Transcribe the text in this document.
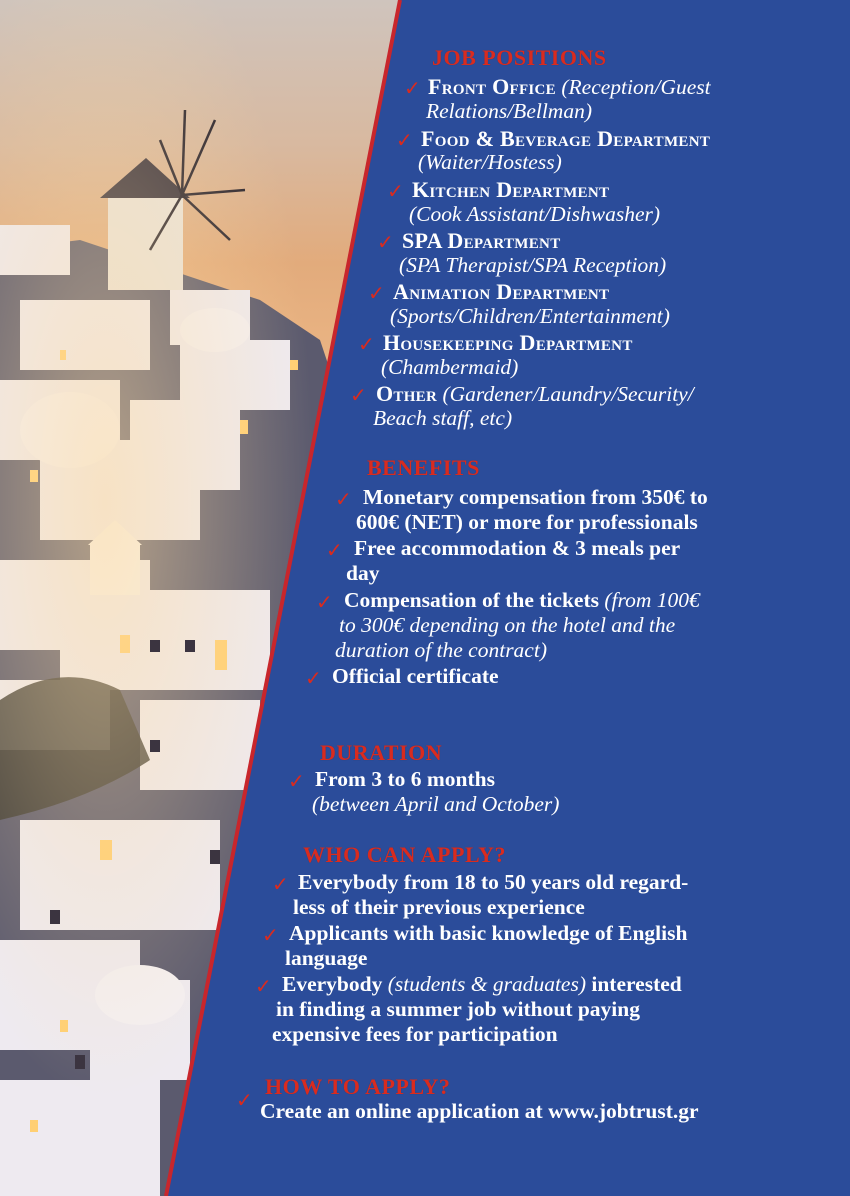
JOB POSITIONS
✓ Front Office (Reception/Guest
Relations/Bellman)
✓ Food & Beverage Department
(Waiter/Hostess)
✓ Kitchen Department
(Cook Assistant/Dishwasher)
✓ SPA Department
(SPA Therapist/SPA Reception)
✓ Animation Department
(Sports/Children/Entertainment)
✓ Housekeeping Department
(Chambermaid)
✓ Other (Gardener/Laundry/Security/
Beach staff, etc)
BENEFITS
✓ Monetary compensation from 350€ to
600€ (NET) or more for professionals
✓ Free accommodation & 3 meals per
day
✓ Compensation of the tickets (from 100€
to 300€ depending on the hotel and the
duration of the contract)
✓ Official certificate
DURATION
✓ From 3 to 6 months
(between April and October)
WHO CAN APPLY?
✓ Everybody from 18 to 50 years old regard-
less of their previous experience
✓ Applicants with basic knowledge of English
language
✓ Everybody (students & graduates) interested
in finding a summer job without paying
expensive fees for participation
HOW TO APPLY?
✓ Create an online application at www.jobtrust.gr
